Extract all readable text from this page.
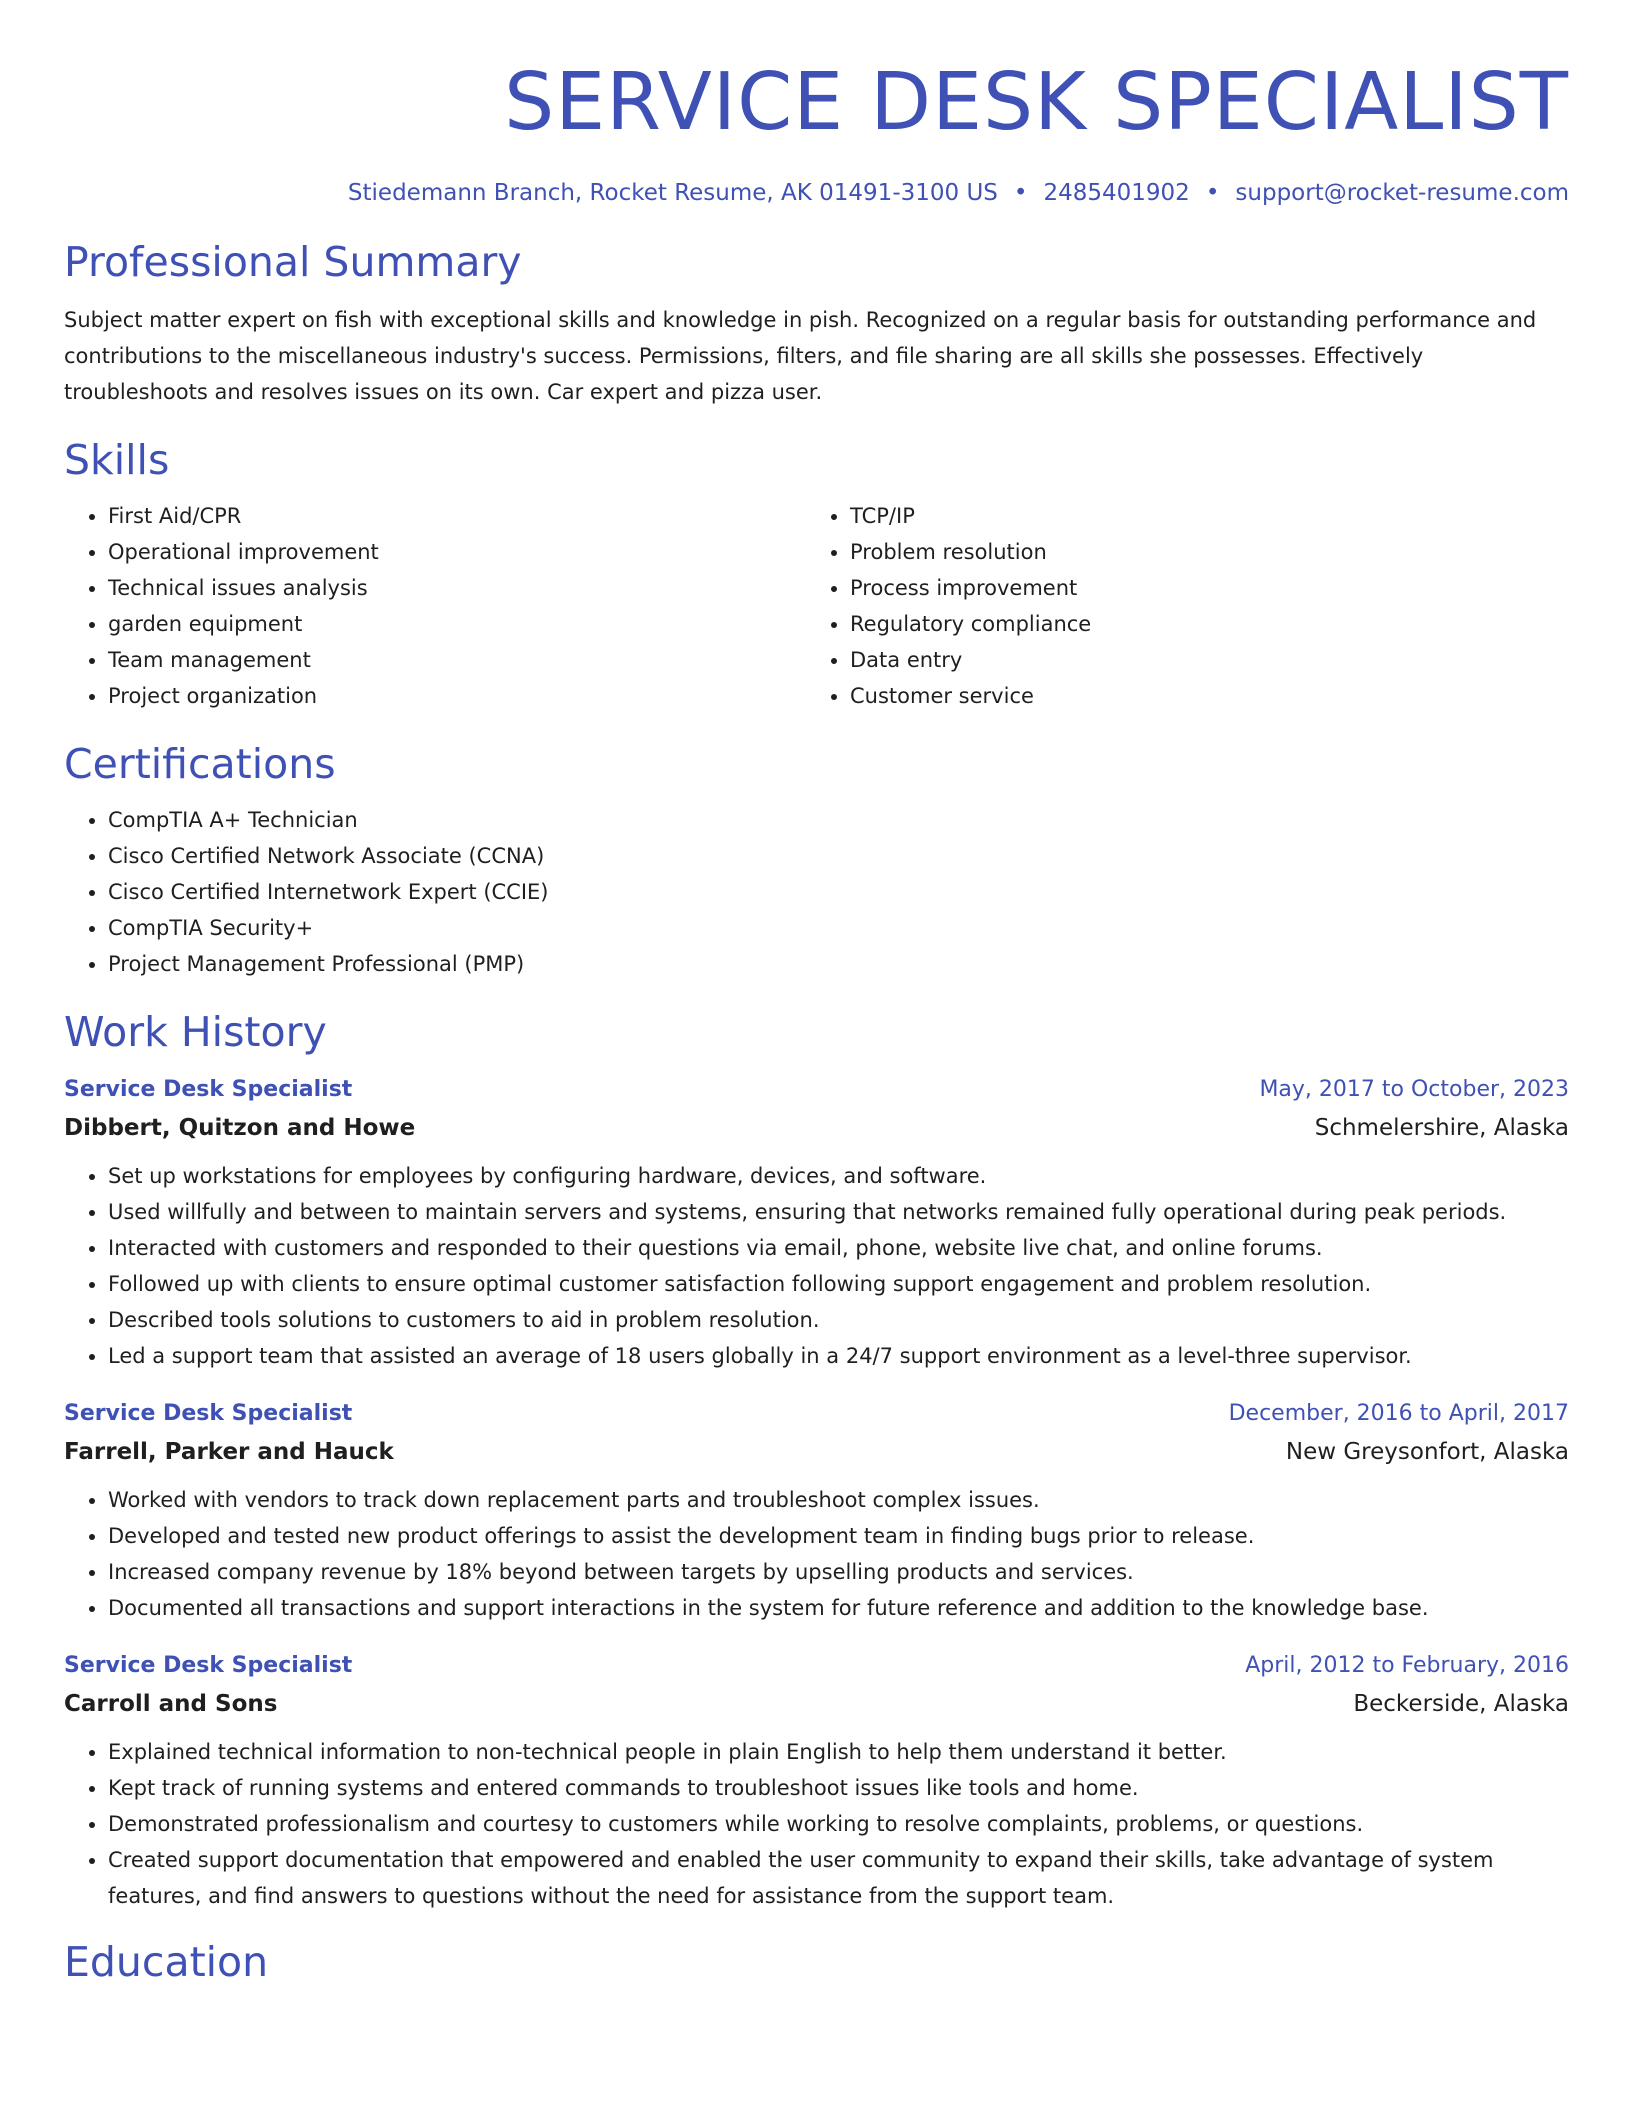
SERVICE DESK SPECIALIST
Stiedemann Branch, Rocket Resume, AK 01491-3100 US • 2485401902 • support@rocket-resume.com
Professional Summary

Subject matter expert on fish with exceptional skills and knowledge in pish. Recognized on a regular basis for outstanding performance and contributions to the miscellaneous industry's success. Permissions, filters, and file sharing are all skills she possesses. Effectively troubleshoots and resolves issues on its own. Car expert and pizza user.

Skills
• First Aid/CPR
• Operational improvement
• Technical issues analysis
• garden equipment
• Team management
• Project organization
• TCP/IP
• Problem resolution
• Process improvement
• Regulatory compliance
• Data entry
• Customer service
Certifications
• CompTIA A+ Technician
• Cisco Certified Network Associate (CCNA)
• Cisco Certified Internetwork Expert (CCIE)
• CompTIA Security+
• Project Management Professional (PMP)
Work History
Service Desk Specialist	May, 2017 to October, 2023
Dibbert, Quitzon and Howe	Schmelershire, Alaska
• Set up workstations for employees by configuring hardware, devices, and software.
• Used willfully and between to maintain servers and systems, ensuring that networks remained fully operational during peak periods.
• Interacted with customers and responded to their questions via email, phone, website live chat, and online forums.
• Followed up with clients to ensure optimal customer satisfaction following support engagement and problem resolution.
• Described tools solutions to customers to aid in problem resolution.
• Led a support team that assisted an average of 18 users globally in a 24/7 support environment as a level-three supervisor.
Service Desk Specialist	December, 2016 to April, 2017
Farrell, Parker and Hauck	New Greysonfort, Alaska
• Worked with vendors to track down replacement parts and troubleshoot complex issues.
• Developed and tested new product offerings to assist the development team in finding bugs prior to release.
• Increased company revenue by 18% beyond between targets by upselling products and services.
• Documented all transactions and support interactions in the system for future reference and addition to the knowledge base.
Service Desk Specialist	April, 2012 to February, 2016
Carroll and Sons	Beckerside, Alaska
• Explained technical information to non-technical people in plain English to help them understand it better.
• Kept track of running systems and entered commands to troubleshoot issues like tools and home.
• Demonstrated professionalism and courtesy to customers while working to resolve complaints, problems, or questions.
• Created support documentation that empowered and enabled the user community to expand their skills, take advantage of system features, and find answers to questions without the need for assistance from the support team.
Education
